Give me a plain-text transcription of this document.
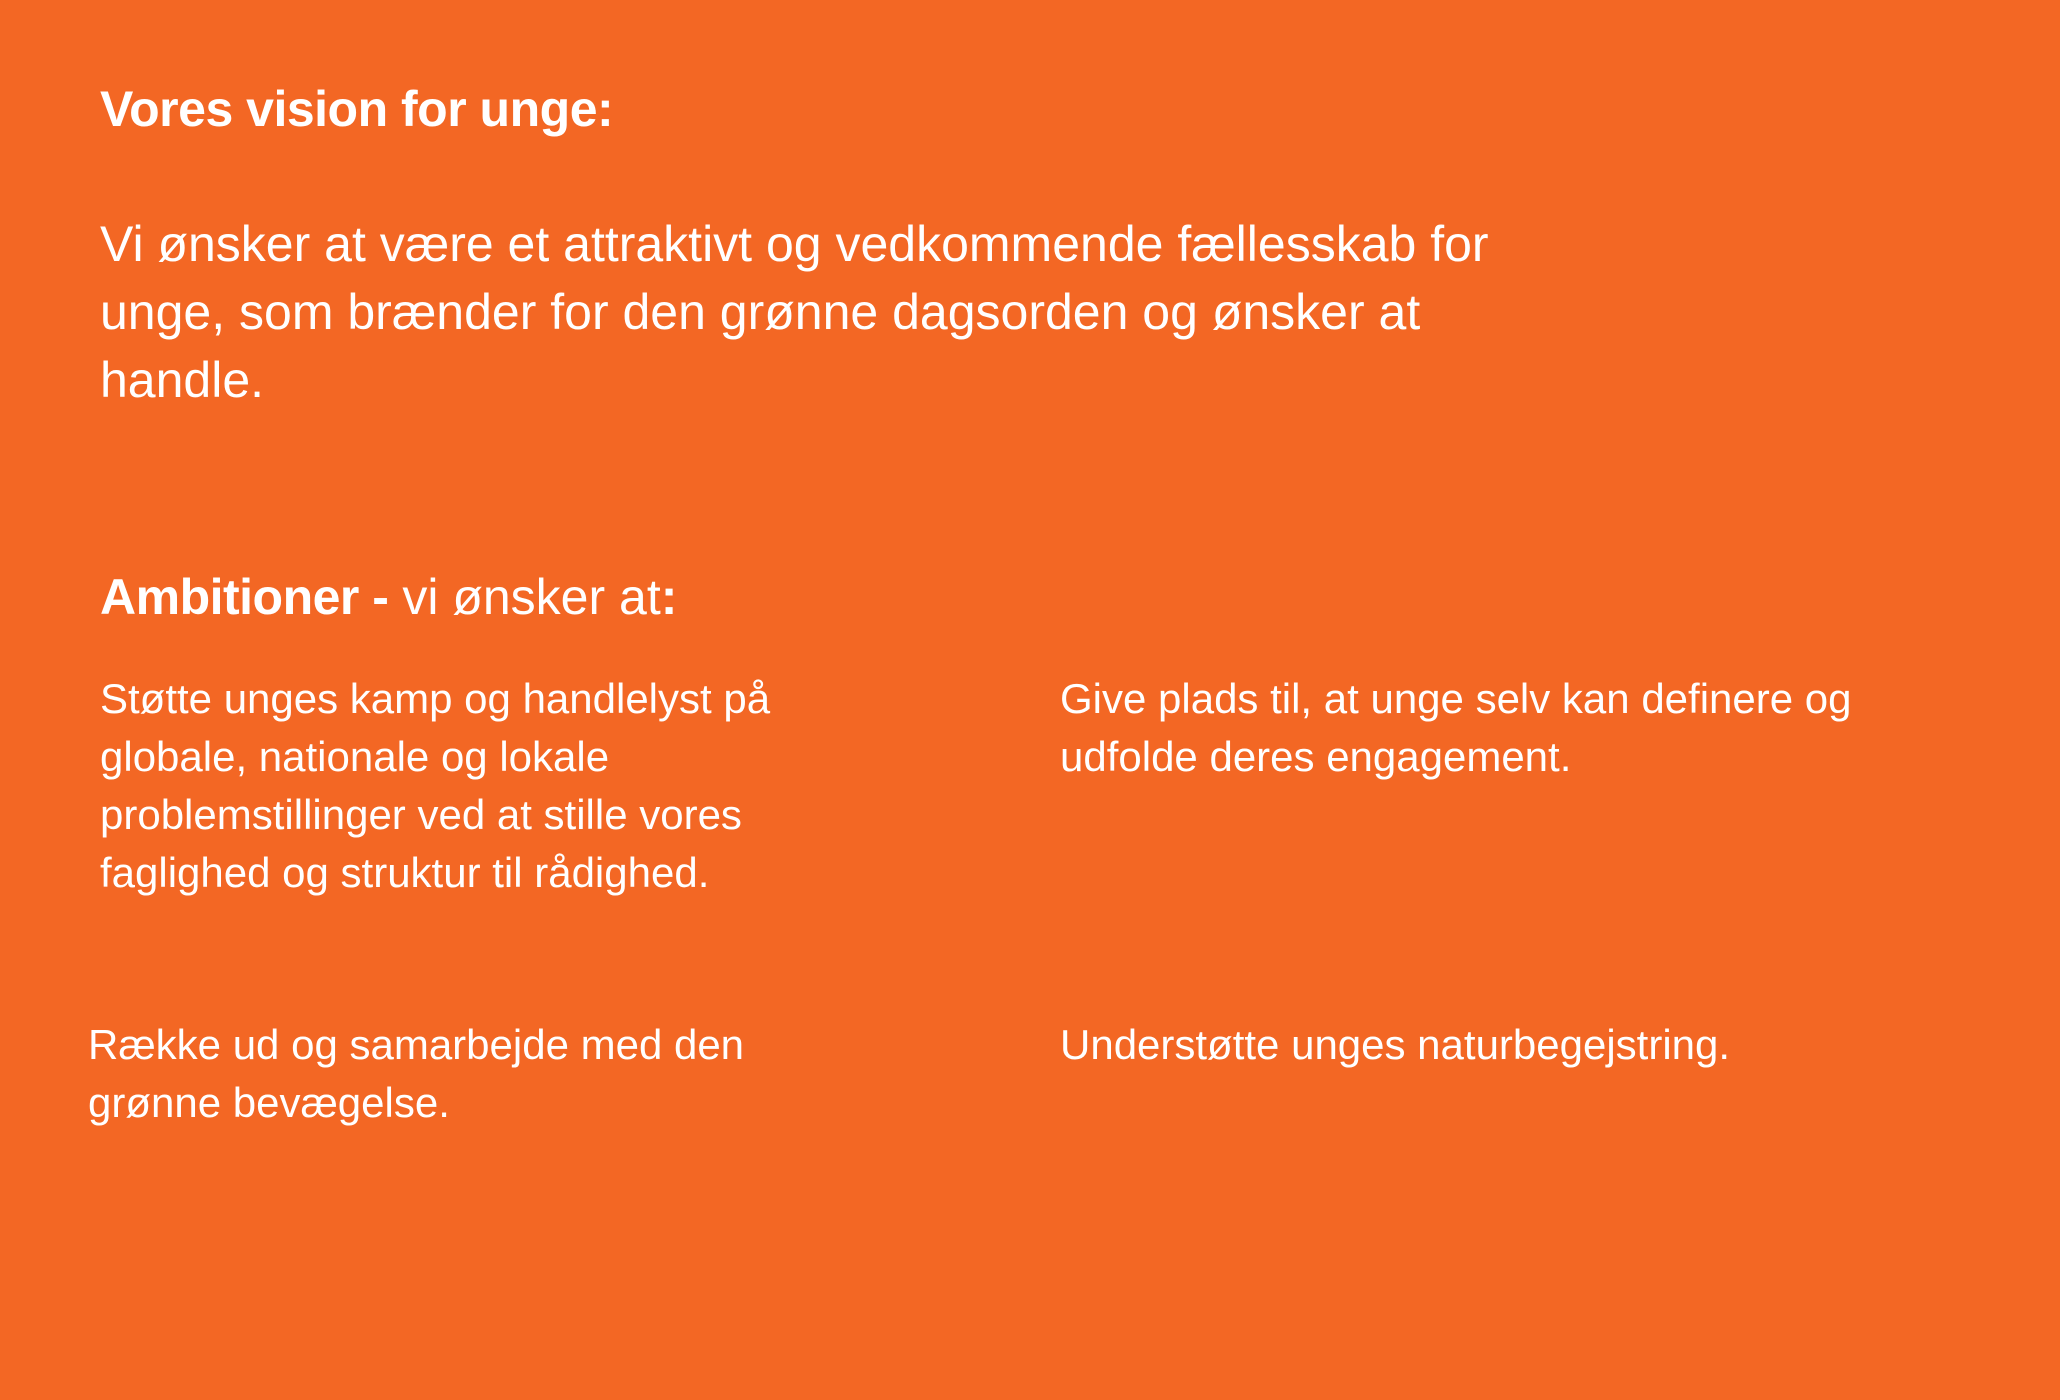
Vores vision for unge:

Vi ønsker at være et attraktivt og vedkommende fællesskab for
unge, som brænder for den grønne dagsorden og ønsker at
handle.

Ambitioner - vi ønsker at:

Støtte unges kamp og handlelyst på
globale, nationale og lokale
problemstillinger ved at stille vores
faglighed og struktur til rådighed.

Give plads til, at unge selv kan definere og
udfolde deres engagement.

Række ud og samarbejde med den
grønne bevægelse.

Understøtte unges naturbegejstring.
